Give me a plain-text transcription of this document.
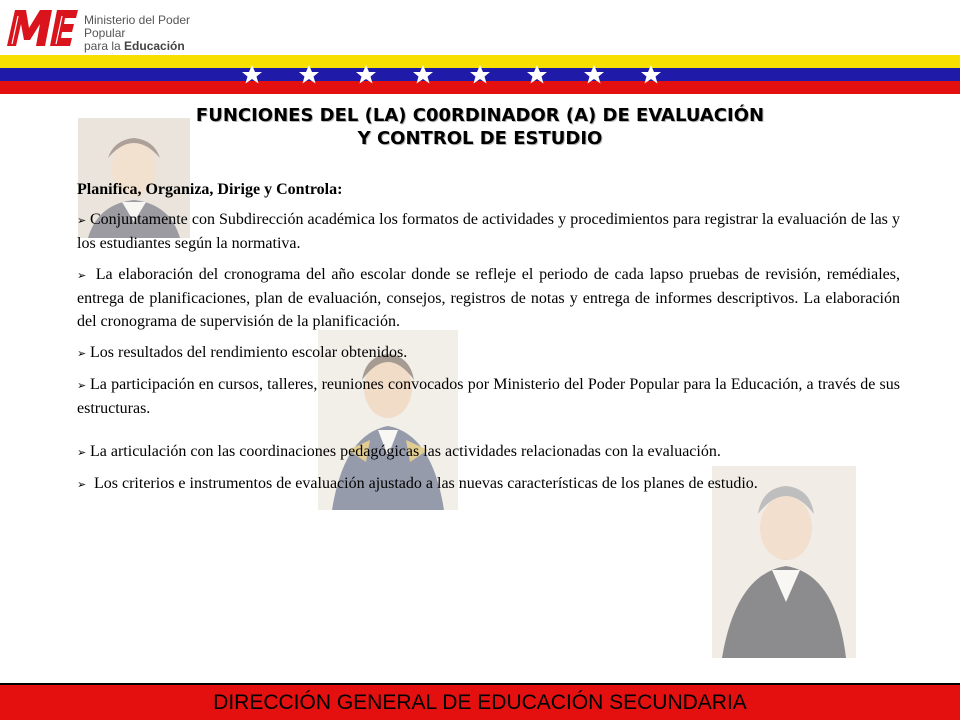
Ministerio del Poder Popular
para la Educación
FUNCIONES DEL (LA) C00RDINADOR (A) DE EVALUACIÓN
Y CONTROL DE ESTUDIO

Planifica, Organiza, Dirige y Controla:

➢ Conjuntamente con Subdirección académica los formatos de actividades y procedimientos para registrar la evaluación de las y los estudiantes según la normativa.

➢ La elaboración del cronograma del año escolar donde se refleje el periodo de cada lapso pruebas de revisión, remédiales, entrega de planificaciones, plan de evaluación, consejos, registros de notas y entrega de informes descriptivos. La elaboración del cronograma de supervisión de la planificación.

➢ Los resultados del rendimiento escolar obtenidos.

➢ La participación en cursos, talleres, reuniones convocados por Ministerio del Poder Popular para la Educación, a través de sus estructuras.

➢ La articulación con las coordinaciones pedagógicas las actividades relacionadas con la evaluación.

➢ Los criterios e instrumentos de evaluación ajustado a las nuevas características de los planes de estudio.

DIRECCIÓN GENERAL DE EDUCACIÓN SECUNDARIA
